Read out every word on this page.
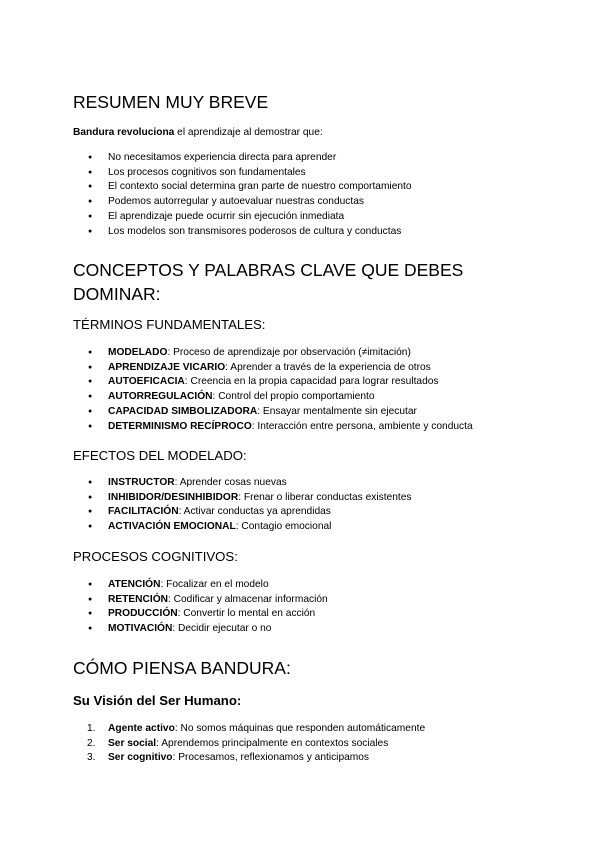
RESUMEN MUY BREVE

Bandura revoluciona el aprendizaje al demostrar que:

● No necesitamos experiencia directa para aprender
● Los procesos cognitivos son fundamentales
● El contexto social determina gran parte de nuestro comportamiento
● Podemos autorregular y autoevaluar nuestras conductas
● El aprendizaje puede ocurrir sin ejecución inmediata
● Los modelos son transmisores poderosos de cultura y conductas
CONCEPTOS Y PALABRAS CLAVE QUE DEBES
DOMINAR:
TÉRMINOS FUNDAMENTALES:
● MODELADO: Proceso de aprendizaje por observación (≠imitación)
● APRENDIZAJE VICARIO: Aprender a través de la experiencia de otros
● AUTOEFICACIA: Creencia en la propia capacidad para lograr resultados
● AUTORREGULACIÓN: Control del propio comportamiento
● CAPACIDAD SIMBOLIZADORA: Ensayar mentalmente sin ejecutar
● DETERMINISMO RECÍPROCO: Interacción entre persona, ambiente y conducta
EFECTOS DEL MODELADO:
● INSTRUCTOR: Aprender cosas nuevas
● INHIBIDOR/DESINHIBIDOR: Frenar o liberar conductas existentes
● FACILITACIÓN: Activar conductas ya aprendidas
● ACTIVACIÓN EMOCIONAL: Contagio emocional
PROCESOS COGNITIVOS:
● ATENCIÓN: Focalizar en el modelo
● RETENCIÓN: Codificar y almacenar información
● PRODUCCIÓN: Convertir lo mental en acción
● MOTIVACIÓN: Decidir ejecutar o no
CÓMO PIENSA BANDURA:
Su Visión del Ser Humano:
1. Agente activo: No somos máquinas que responden automáticamente
2. Ser social: Aprendemos principalmente en contextos sociales
3. Ser cognitivo: Procesamos, reflexionamos y anticipamos
